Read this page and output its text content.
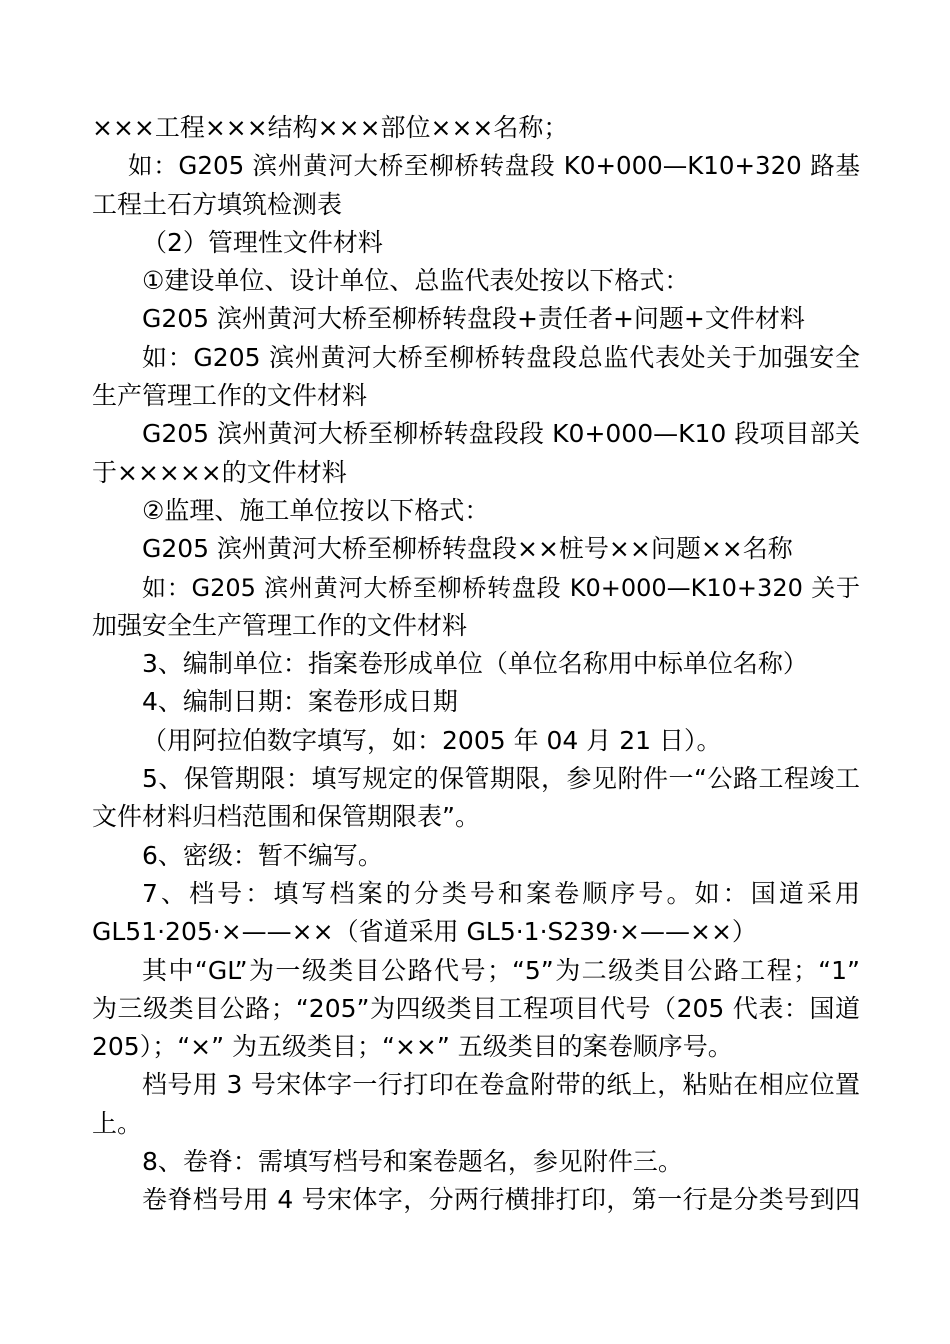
×××工程×××结构×××部位×××名称；

如：G205 滨州黄河大桥至柳桥转盘段 K0+000—K10+320 路基

工程土石方填筑检测表

（2）管理性文件材料

①建设单位、设计单位、总监代表处按以下格式：

G205 滨州黄河大桥至柳桥转盘段+责任者+问题+文件材料

如：G205 滨州黄河大桥至柳桥转盘段总监代表处关于加强安全

生产管理工作的文件材料

G205 滨州黄河大桥至柳桥转盘段段 K0+000—K10 段项目部关

于×××××的文件材料

②监理、施工单位按以下格式：

G205 滨州黄河大桥至柳桥转盘段××桩号××问题××名称

如：G205 滨州黄河大桥至柳桥转盘段 K0+000—K10+320 关于

加强安全生产管理工作的文件材料

3、编制单位：指案卷形成单位（单位名称用中标单位名称）

4、编制日期：案卷形成日期

（用阿拉伯数字填写，如：2005 年 04 月 21 日）。

5、保管期限：填写规定的保管期限，参见附件一“公路工程竣工

文件材料归档范围和保管期限表”。

6、密级：暂不编写。

7、档号：填写档案的分类号和案卷顺序号。如：国道采用

GL51·205·×——××（省道采用 GL5·1·S239·×——××）

其中“GL”为一级类目公路代号；“5”为二级类目公路工程；“1”

为三级类目公路；“205”为四级类目工程项目代号（205 代表：国道

205）；“×” 为五级类目；“××” 五级类目的案卷顺序号。

档号用 3 号宋体字一行打印在卷盒附带的纸上，粘贴在相应位置

上。

8、卷脊：需填写档号和案卷题名，参见附件三。

卷脊档号用 4 号宋体字，分两行横排打印，第一行是分类号到四
